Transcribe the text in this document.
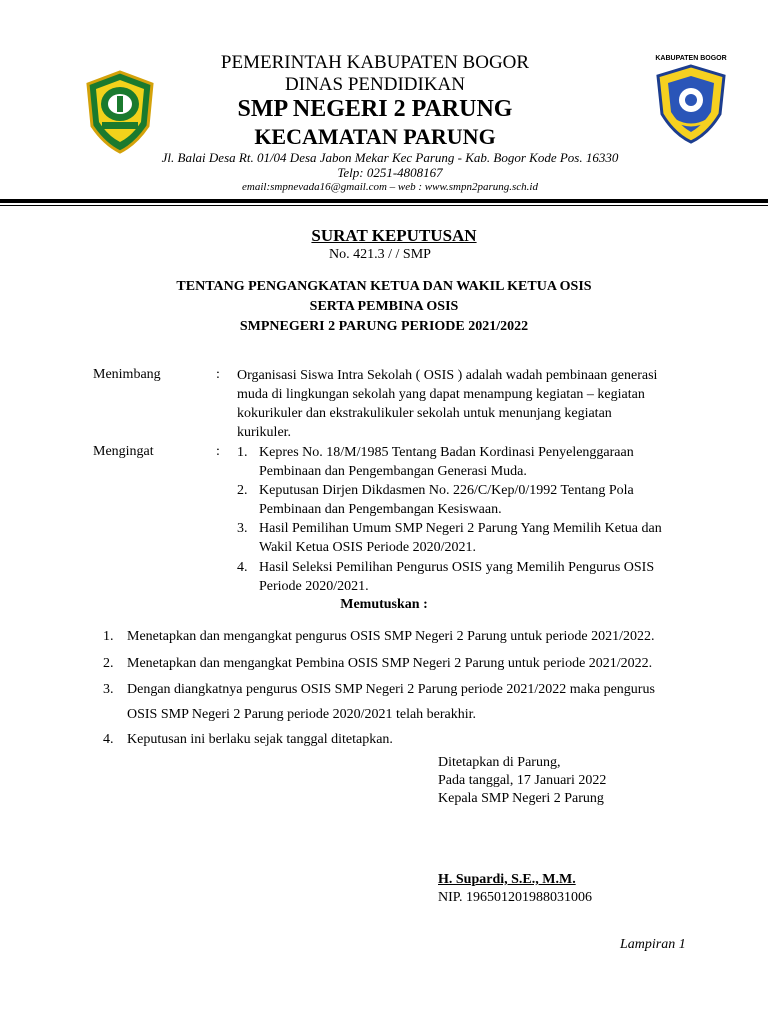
KABUPATEN BOGOR
PEMERINTAH KABUPATEN BOGOR
DINAS PENDIDIKAN
SMP NEGERI 2 PARUNG
KECAMATAN PARUNG
Jl. Balai Desa Rt. 01/04 Desa Jabon Mekar Kec Parung - Kab. Bogor Kode Pos. 16330
Telp: 0251-4808167
email:smpnevada16@gmail.com – web : www.smpn2parung.sch.id
SURAT KEPUTUSAN
No. 421.3 / / SMP
TENTANG PENGANGKATAN KETUA DAN WAKIL KETUA OSIS
SERTA PEMBINA OSIS
SMPNEGERI 2 PARUNG PERIODE 2021/2022
Menimbang	: Organisasi Siswa Intra Sekolah ( OSIS ) adalah wadah pembinaan generasi
muda di lingkungan sekolah yang dapat menampung kegiatan – kegiatan
kokurikuler dan ekstrakulikuler sekolah untuk menunjang kegiatan
kurikuler.
Mengingat	: 1. Kepres No. 18/M/1985 Tentang Badan Kordinasi Penyelenggaraan
Pembinaan dan Pengembangan Generasi Muda.
2. Keputusan Dirjen Dikdasmen No. 226/C/Kep/0/1992 Tentang Pola
Pembinaan dan Pengembangan Kesiswaan.
3. Hasil Pemilihan Umum SMP Negeri 2 Parung Yang Memilih Ketua dan
Wakil Ketua OSIS Periode 2020/2021.
4. Hasil Seleksi Pemilihan Pengurus OSIS yang Memilih Pengurus OSIS
Periode 2020/2021.
Memutuskan :
1. Menetapkan dan mengangkat pengurus OSIS SMP Negeri 2 Parung untuk periode 2021/2022.
2. Menetapkan dan mengangkat Pembina OSIS SMP Negeri 2 Parung untuk periode 2021/2022.
3. Dengan diangkatnya pengurus OSIS SMP Negeri 2 Parung periode 2021/2022 maka pengurus
OSIS SMP Negeri 2 Parung periode 2020/2021 telah berakhir.
4. Keputusan ini berlaku sejak tanggal ditetapkan.
Ditetapkan di Parung,
Pada tanggal, 17 Januari 2022
Kepala SMP Negeri 2 Parung
H. Supardi, S.E., M.M.
NIP. 196501201988031006
Lampiran 1
